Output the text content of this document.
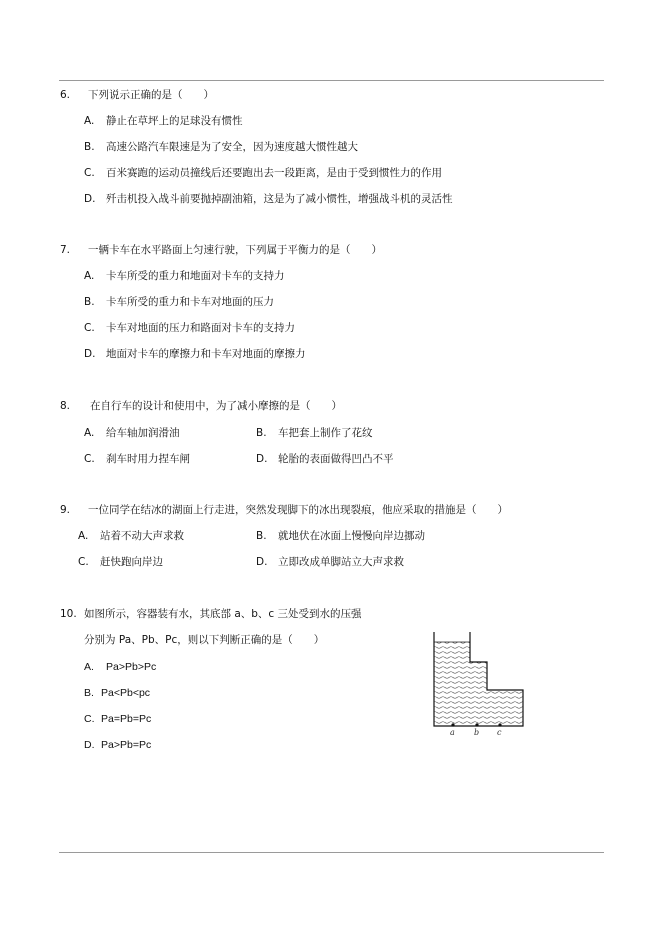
6. 下列说示正确的是（　　）
A. 静止在草坪上的足球没有惯性
B. 高速公路汽车限速是为了安全，因为速度越大惯性越大
C. 百米赛跑的运动员撞线后还要跑出去一段距离，是由于受到惯性力的作用
D. 歼击机投入战斗前要抛掉副油箱，这是为了减小惯性，增强战斗机的灵活性
7. 一辆卡车在水平路面上匀速行驶，下列属于平衡力的是（　　）
A. 卡车所受的重力和地面对卡车的支持力
B. 卡车所受的重力和卡车对地面的压力
C. 卡车对地面的压力和路面对卡车的支持力
D. 地面对卡车的摩擦力和卡车对地面的摩擦力
8. 在自行车的设计和使用中，为了减小摩擦的是（　　）
A. 给车轴加润滑油	B. 车把套上制作了花纹
C. 刹车时用力捏车闸	D. 轮胎的表面做得凹凸不平
9. 一位同学在结冰的湖面上行走进，突然发现脚下的冰出现裂痕，他应采取的措施是（　　）
A. 站着不动大声求救	B. 就地伏在冰面上慢慢向岸边挪动
C. 赶快跑向岸边	D. 立即改成单脚站立大声求救
10. 如图所示，容器装有水，其底部 a、b、c 三处受到水的压强
分别为 Pa、Pb、Pc，则以下判断正确的是（　　）
A. Pa>Pb>Pc
B. Pa<Pb<pc
C. Pa=Pb=Pc
D. Pa>Pb=Pc
a b c
